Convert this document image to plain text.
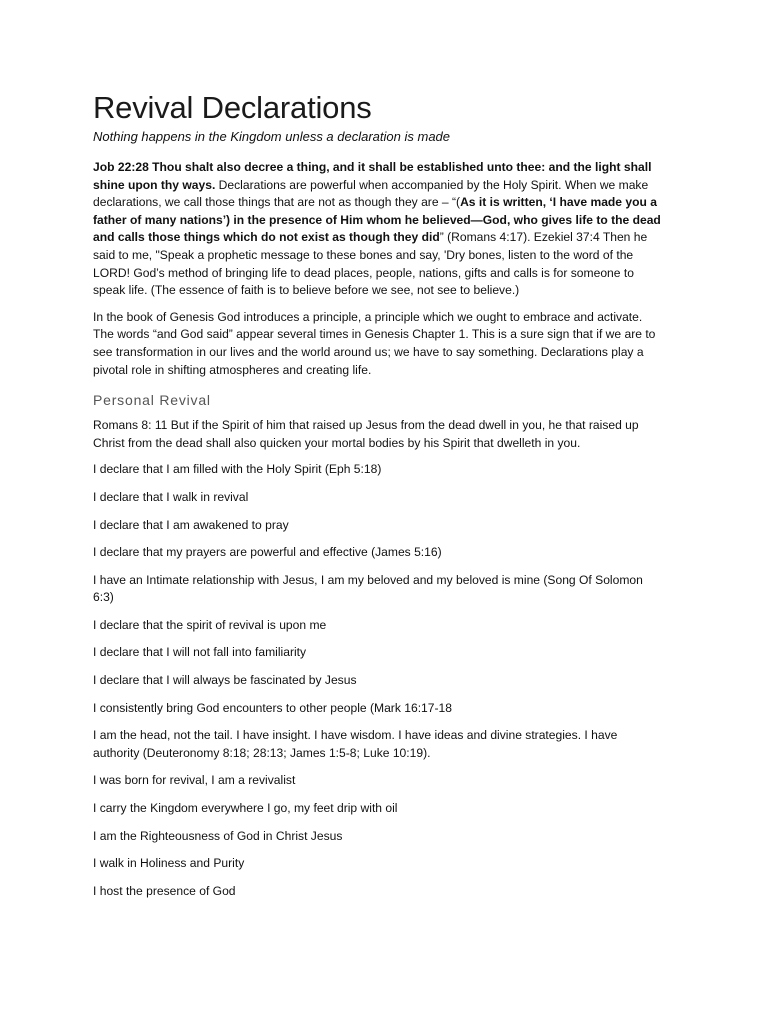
Revival Declarations
Nothing happens in the Kingdom unless a declaration is made

Job 22:28 Thou shalt also decree a thing, and it shall be established unto thee: and the light shall shine upon thy ways. Declarations are powerful when accompanied by the Holy Spirit. When we make declarations, we call those things that are not as though they are – “(As it is written, ‘I have made you a father of many nations’) in the presence of Him whom he believed—God, who gives life to the dead and calls those things which do not exist as though they did” (Romans 4:17). Ezekiel 37:4 Then he said to me, "Speak a prophetic message to these bones and say, 'Dry bones, listen to the word of the LORD! God’s method of bringing life to dead places, people, nations, gifts and calls is for someone to speak life. (The essence of faith is to believe before we see, not see to believe.)

In the book of Genesis God introduces a principle, a principle which we ought to embrace and activate. The words “and God said” appear several times in Genesis Chapter 1. This is a sure sign that if we are to see transformation in our lives and the world around us; we have to say something. Declarations play a pivotal role in shifting atmospheres and creating life.

Personal Revival

Romans 8: 11 But if the Spirit of him that raised up Jesus from the dead dwell in you, he that raised up Christ from the dead shall also quicken your mortal bodies by his Spirit that dwelleth in you.

I declare that I am filled with the Holy Spirit (Eph 5:18)

I declare that I walk in revival

I declare that I am awakened to pray

I declare that my prayers are powerful and effective (James 5:16)

I have an Intimate relationship with Jesus, I am my beloved and my beloved is mine (Song Of Solomon 6:3)

I declare that the spirit of revival is upon me

I declare that I will not fall into familiarity

I declare that I will always be fascinated by Jesus

I consistently bring God encounters to other people (Mark 16:17-18

I am the head, not the tail. I have insight. I have wisdom. I have ideas and divine strategies. I have authority (Deuteronomy 8:18; 28:13; James 1:5-8; Luke 10:19).

I was born for revival, I am a revivalist

I carry the Kingdom everywhere I go, my feet drip with oil

I am the Righteousness of God in Christ Jesus

I walk in Holiness and Purity

I host the presence of God
